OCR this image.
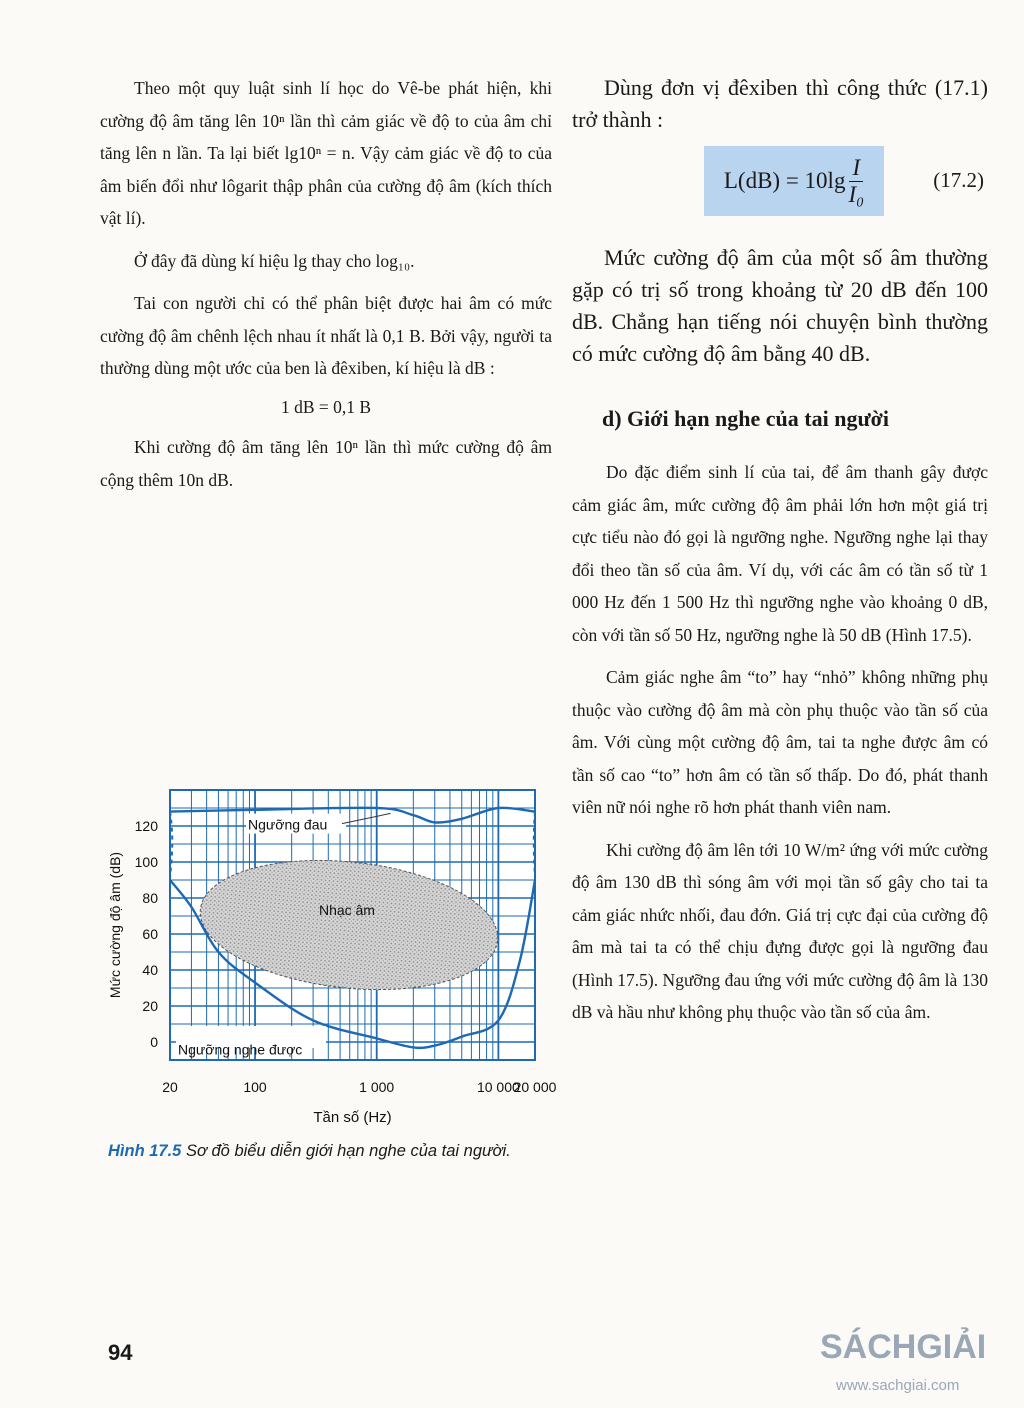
Theo một quy luật sinh lí học do Vê-be phát hiện, khi cường độ âm tăng lên 10ⁿ lần thì cảm giác về độ to của âm chỉ tăng lên n lần. Ta lại biết lg10ⁿ = n. Vậy cảm giác về độ to của âm biến đổi như lôgarit thập phân của cường độ âm (kích thích vật lí).

Ở đây đã dùng kí hiệu lg thay cho log₁₀.

Tai con người chỉ có thể phân biệt được hai âm có mức cường độ âm chênh lệch nhau ít nhất là 0,1 B. Bởi vậy, người ta thường dùng một ước của ben là đêxiben, kí hiệu là dB :

1 dB = 0,1 B

Khi cường độ âm tăng lên 10ⁿ lần thì mức cường độ âm cộng thêm 10n dB.

Nhạc âm
Ngưỡng đau
Ngưỡng nghe được
0
20
40
60
80
100
120
20	100	1 000	10 000
20 000
Tần số (Hz)
Mức cường độ âm (dB)
Hình 17.5 Sơ đồ biểu diễn giới hạn nghe của tai người.

Dùng đơn vị đêxiben thì công thức (17.1) trở thành :

$L(dB) = 10\lg \frac{I}{\text{I₀}}$	(17.2)

Mức cường độ âm của một số âm thường gặp có trị số trong khoảng từ 20 dB đến 100 dB. Chẳng hạn tiếng nói chuyện bình thường có mức cường độ âm bằng 40 dB.

d) Giới hạn nghe của tai người

Do đặc điểm sinh lí của tai, để âm thanh gây được cảm giác âm, mức cường độ âm phải lớn hơn một giá trị cực tiểu nào đó gọi là ngưỡng nghe. Ngưỡng nghe lại thay đổi theo tần số của âm. Ví dụ, với các âm có tần số từ 1 000 Hz đến 1 500 Hz thì ngưỡng nghe vào khoảng 0 dB, còn với tần số 50 Hz, ngưỡng nghe là 50 dB (Hình 17.5).

Cảm giác nghe âm “to” hay “nhỏ” không những phụ thuộc vào cường độ âm mà còn phụ thuộc vào tần số của âm. Với cùng một cường độ âm, tai ta nghe được âm có tần số cao “to” hơn âm có tần số thấp. Do đó, phát thanh viên nữ nói nghe rõ hơn phát thanh viên nam.

Khi cường độ âm lên tới 10 W/m² ứng với mức cường độ âm 130 dB thì sóng âm với mọi tần số gây cho tai ta cảm giác nhức nhối, đau đớn. Giá trị cực đại của cường độ âm mà tai ta có thể chịu đựng được gọi là ngưỡng đau (Hình 17.5). Ngưỡng đau ứng với mức cường độ âm là 130 dB và hầu như không phụ thuộc vào tần số của âm.

94	SÁCHGIẢI
www.sachgiai.com
